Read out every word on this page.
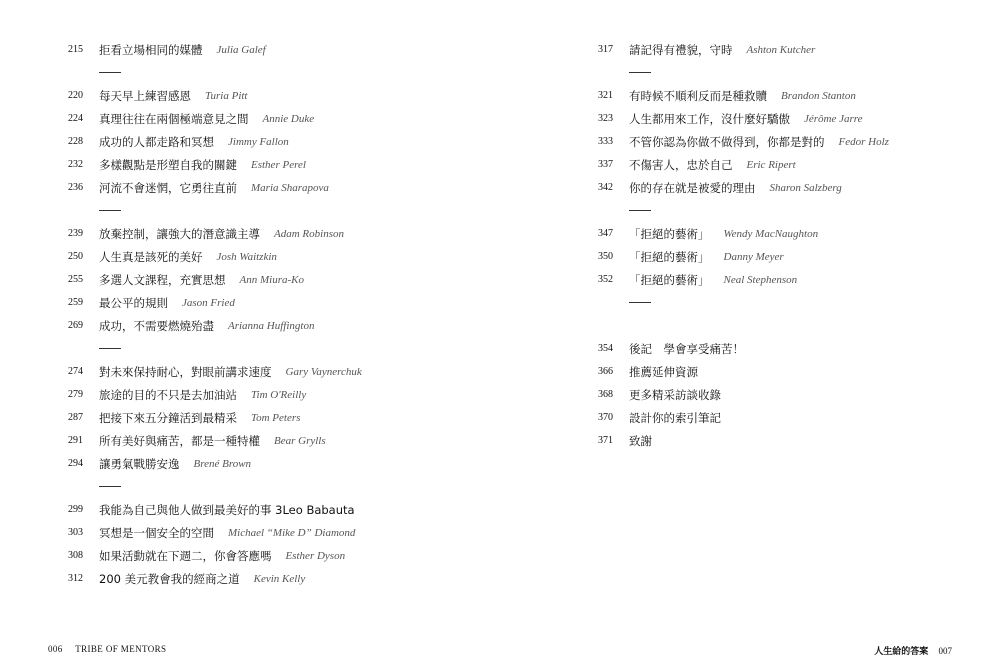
215	拒看立場相同的媒體 Julia Galef
220	每天早上練習感恩 Turia Pitt
224	真理往往在兩個極端意見之間 Annie Duke
228	成功的人都走路和冥想 Jimmy Fallon
232	多樣觀點是形塑自我的關鍵 Esther Perel
236	河流不會迷惘，它勇往直前 Maria Sharapova
239	放棄控制，讓強大的潛意識主導 Adam Robinson
250	人生真是該死的美好 Josh Waitzkin
255	多選人文課程，充實思想 Ann Miura-Ko
259	最公平的規則 Jason Fried
269	成功，不需要燃燒殆盡 Arianna Huffington
274	對未來保持耐心，對眼前講求速度 Gary Vaynerchuk
279	旅途的目的不只是去加油站 Tim O'Reilly
287	把接下來五分鐘活到最精采 Tom Peters
291	所有美好與痛苦，都是一種特權 Bear Grylls
294	讓勇氣戰勝安逸 Brené Brown
299	我能為自己與他人做到最美好的事 3Leo Babauta
303	冥想是一個安全的空間 Michael “Mike D” Diamond
308	如果活動就在下週二，你會答應嗎 Esther Dyson
312	200 美元教會我的經商之道 Kevin Kelly
317	請記得有禮貌，守時 Ashton Kutcher
321	有時候不順利反而是種救贖 Brandon Stanton
323	人生都用來工作，沒什麼好驕傲 Jérôme Jarre
333	不管你認為你做不做得到，你都是對的 Fedor Holz
337	不傷害人，忠於自己 Eric Ripert
342	你的存在就是被愛的理由 Sharon Salzberg
347	「拒絕的藝術」 Wendy MacNaughton
350	「拒絕的藝術」 Danny Meyer
352	「拒絕的藝術」 Neal Stephenson
354	後記　學會享受痛苦！
366	推薦延伸資源
368	更多精采訪談收錄
370	設計你的索引筆記
371	致謝
006 TRIBE OF MENTORS	人生給的答案 007
